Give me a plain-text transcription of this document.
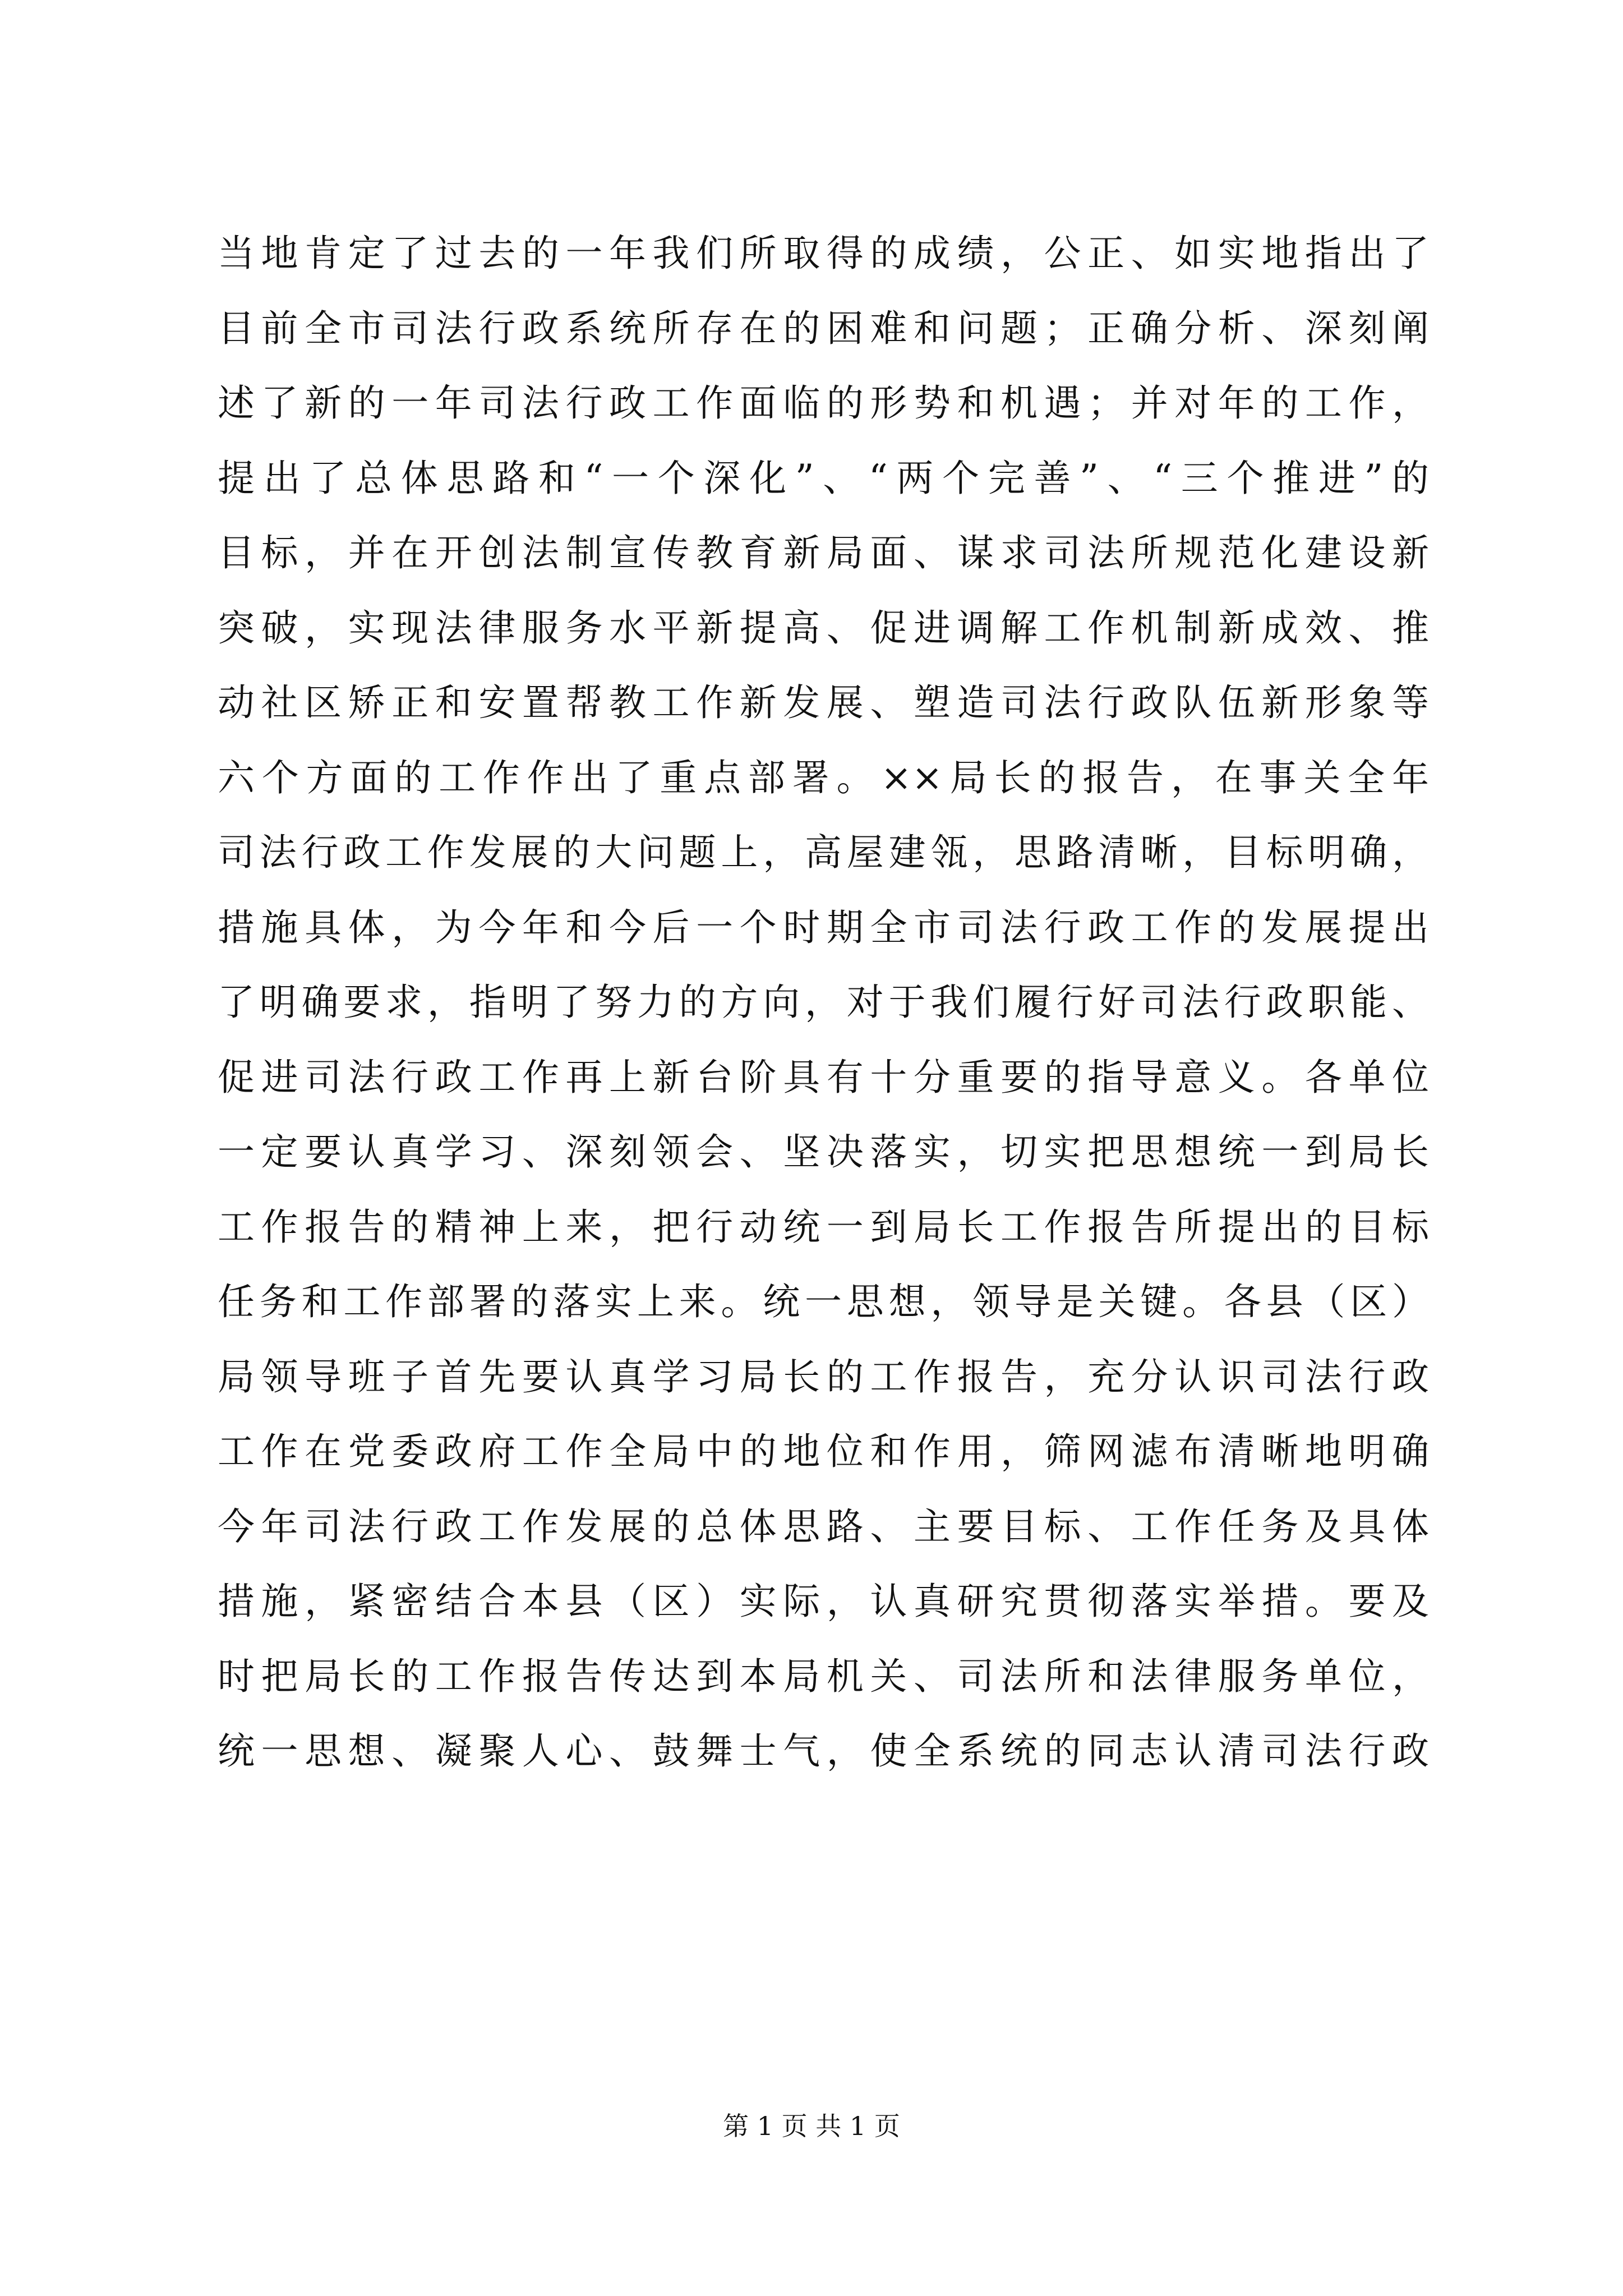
当地肯定了过去的一年我们所取得的成绩，公正、如实地指出了
目前全市司法行政系统所存在的困难和问题；正确分析、深刻阐
述了新的一年司法行政工作面临的形势和机遇；并对年的工作，
提出了总体思路和“一个深化”、“两个完善”、“三个推进”的
目标，并在开创法制宣传教育新局面、谋求司法所规范化建设新
突破，实现法律服务水平新提高、促进调解工作机制新成效、推
动社区矫正和安置帮教工作新发展、塑造司法行政队伍新形象等
六个方面的工作作出了重点部署。××局长的报告，在事关全年
司法行政工作发展的大问题上，高屋建瓴，思路清晰，目标明确，
措施具体，为今年和今后一个时期全市司法行政工作的发展提出
了明确要求，指明了努力的方向，对于我们履行好司法行政职能、
促进司法行政工作再上新台阶具有十分重要的指导意义。各单位
一定要认真学习、深刻领会、坚决落实，切实把思想统一到局长
工作报告的精神上来，把行动统一到局长工作报告所提出的目标
任务和工作部署的落实上来。统一思想，领导是关键。各县（区）
局领导班子首先要认真学习局长的工作报告，充分认识司法行政
工作在党委政府工作全局中的地位和作用，筛网滤布清晰地明确
今年司法行政工作发展的总体思路、主要目标、工作任务及具体
措施，紧密结合本县（区）实际，认真研究贯彻落实举措。要及
时把局长的工作报告传达到本局机关、司法所和法律服务单位，
统一思想、凝聚人心、鼓舞士气，使全系统的同志认清司法行政
第 1 页 共 1 页
